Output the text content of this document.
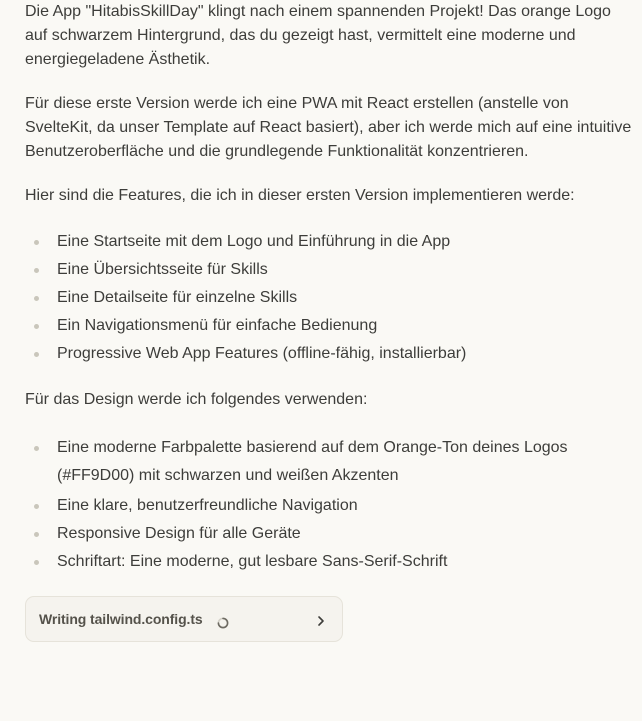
Die App "HitabisSkillDay" klingt nach einem spannenden Projekt! Das orange Logo auf schwarzem Hintergrund, das du gezeigt hast, vermittelt eine moderne und energiegeladene Ästhetik.

Für diese erste Version werde ich eine PWA mit React erstellen (anstelle von SvelteKit, da unser Template auf React basiert), aber ich werde mich auf eine intuitive Benutzeroberfläche und die grundlegende Funktionalität konzentrieren.

Hier sind die Features, die ich in dieser ersten Version implementieren werde:

Eine Startseite mit dem Logo und Einführung in die App
Eine Übersichtsseite für Skills
Eine Detailseite für einzelne Skills
Ein Navigationsmenü für einfache Bedienung
Progressive Web App Features (offline-fähig, installierbar)

Für das Design werde ich folgendes verwenden:

Eine moderne Farbpalette basierend auf dem Orange-Ton deines Logos (#FF9D00) mit schwarzen und weißen Akzenten
Eine klare, benutzerfreundliche Navigation
Responsive Design für alle Geräte
Schriftart: Eine moderne, gut lesbare Sans-Serif-Schrift
Writing tailwind.config.ts
